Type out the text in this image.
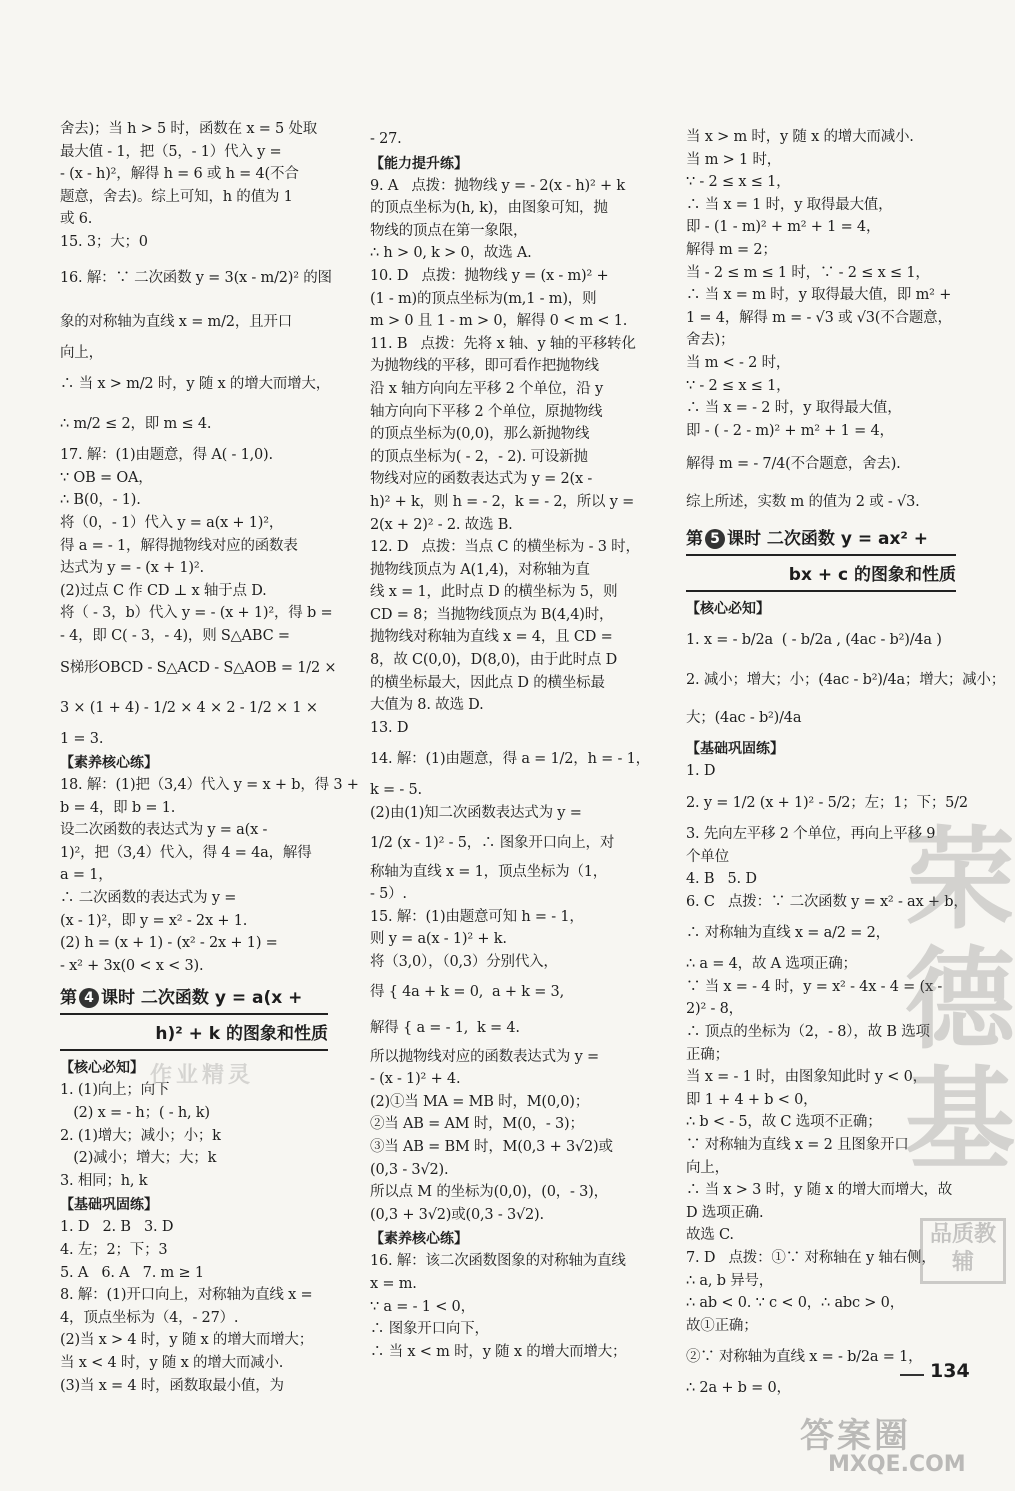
舍去)；当 h > 5 时，函数在 x = 5 处取
最大值 - 1，把（5，- 1）代入 y =
- (x - h)²，解得 h = 6 或 h = 4(不合
题意，舍去)。综上可知，h 的值为 1
或 6.
15. 3；大；0
16. 解：∵ 二次函数 y = 3(x - m/2)² 的图
象的对称轴为直线 x = m/2，且开口
向上，
∴ 当 x > m/2 时，y 随 x 的增大而增大，
∴ m/2 ≤ 2，即 m ≤ 4.
17. 解：(1)由题意，得 A( - 1,0).
∵ OB = OA，
∴ B(0，- 1).
将（0，- 1）代入 y = a(x + 1)²，
得 a = - 1，解得抛物线对应的函数表
达式为 y = - (x + 1)².
(2)过点 C 作 CD ⊥ x 轴于点 D.
将（ - 3，b）代入 y = - (x + 1)²，得 b =
- 4，即 C( - 3，- 4)，则 S△ABC =
S梯形OBCD - S△ACD - S△AOB = 1/2 ×
3 × (1 + 4) - 1/2 × 4 × 2 - 1/2 × 1 ×
1 = 3.
【素养核心练】
18. 解：(1)把（3,4）代入 y = x + b，得 3 +
b = 4，即 b = 1.
设二次函数的表达式为 y = a(x -
1)²，把（3,4）代入，得 4 = 4a，解得
a = 1，
∴ 二次函数的表达式为 y =
(x - 1)²，即 y = x² - 2x + 1.
(2) h = (x + 1) - (x² - 2x + 1) =
- x² + 3x(0 < x < 3).
第 4 课时 二次函数 y = a(x +
h)² + k 的图象和性质
【核心必知】
1. (1)向上；向下
(2) x = - h；( - h, k)
2. (1)增大；减小；小；k
(2)减小；增大；大；k
3. 相同；h, k
【基础巩固练】
1. D   2. B   3. D
4. 左；2；下；3
5. A   6. A   7. m ≥ 1
8. 解：(1)开口向上，对称轴为直线 x =
4，顶点坐标为（4，- 27）.
(2)当 x > 4 时，y 随 x 的增大而增大；
当 x < 4 时，y 随 x 的增大而减小.
(3)当 x = 4 时，函数取最小值，为
- 27.
【能力提升练】
9. A   点拨：抛物线 y = - 2(x - h)² + k
的顶点坐标为(h, k)，由图象可知，抛
物线的顶点在第一象限，
∴ h > 0, k > 0，故选 A.
10. D   点拨：抛物线 y = (x - m)² +
(1 - m)的顶点坐标为(m,1 - m)，则
m > 0 且 1 - m > 0，解得 0 < m < 1.
11. B   点拨：先将 x 轴、y 轴的平移转化
为抛物线的平移，即可看作把抛物线
沿 x 轴方向向左平移 2 个单位，沿 y
轴方向向下平移 2 个单位，原抛物线
的顶点坐标为(0,0)，那么新抛物线
的顶点坐标为( - 2，- 2). 可设新抛
物线对应的函数表达式为 y = 2(x -
h)² + k，则 h = - 2，k = - 2，所以 y =
2(x + 2)² - 2. 故选 B.
12. D   点拨：当点 C 的横坐标为 - 3 时，
抛物线顶点为 A(1,4)，对称轴为直
线 x = 1，此时点 D 的横坐标为 5，则
CD = 8；当抛物线顶点为 B(4,4)时，
抛物线对称轴为直线 x = 4，且 CD =
8，故 C(0,0)，D(8,0)，由于此时点 D
的横坐标最大，因此点 D 的横坐标最
大值为 8. 故选 D.
13. D
14. 解：(1)由题意，得 a = 1/2，h = - 1，
k = - 5.
(2)由(1)知二次函数表达式为 y =
1/2 (x - 1)² - 5，∴ 图象开口向上，对
称轴为直线 x = 1，顶点坐标为（1，
- 5）.
15. 解：(1)由题意可知 h = - 1，
则 y = a(x - 1)² + k.
将（3,0），（0,3）分别代入，
得 { 4a + k = 0,  a + k = 3,
解得 { a = - 1,  k = 4.
所以抛物线对应的函数表达式为 y =
- (x - 1)² + 4.
(2)①当 MA = MB 时，M(0,0)；
②当 AB = AM 时，M(0，- 3)；
③当 AB = BM 时，M(0,3 + 3√2)或
(0,3 - 3√2).
所以点 M 的坐标为(0,0)，(0，- 3)，
(0,3 + 3√2)或(0,3 - 3√2).
【素养核心练】
16. 解：该二次函数图象的对称轴为直线
x = m.
∵ a = - 1 < 0，
∴ 图象开口向下，
∴ 当 x < m 时，y 随 x 的增大而增大；
当 x > m 时，y 随 x 的增大而减小.
当 m > 1 时，
∵ - 2 ≤ x ≤ 1，
∴ 当 x = 1 时，y 取得最大值，
即 - (1 - m)² + m² + 1 = 4，
解得 m = 2；
当 - 2 ≤ m ≤ 1 时，∵ - 2 ≤ x ≤ 1，
∴ 当 x = m 时，y 取得最大值，即 m² +
1 = 4，解得 m = - √3 或 √3(不合题意，
舍去)；
当 m < - 2 时，
∵ - 2 ≤ x ≤ 1，
∴ 当 x = - 2 时，y 取得最大值，
即 - ( - 2 - m)² + m² + 1 = 4，
解得 m = - 7/4(不合题意，舍去).
综上所述，实数 m 的值为 2 或 - √3.
第 5 课时 二次函数 y = ax² +
bx + c 的图象和性质
【核心必知】
1. x = - b/2a  ( - b/2a , (4ac - b²)/4a )
2. 减小；增大；小；(4ac - b²)/4a；增大；减小；
大；(4ac - b²)/4a
【基础巩固练】
1. D
2. y = 1/2 (x + 1)² - 5/2；左；1；下；5/2
3. 先向左平移 2 个单位，再向上平移 9
个单位
4. B   5. D
6. C   点拨：∵ 二次函数 y = x² - ax + b，
∴ 对称轴为直线 x = a/2 = 2，
∴ a = 4，故 A 选项正确；
∵ 当 x = - 4 时，y = x² - 4x - 4 = (x -
2)² - 8，
∴ 顶点的坐标为（2，- 8），故 B 选项
正确；
当 x = - 1 时，由图象知此时 y < 0，
即 1 + 4 + b < 0，
∴ b < - 5，故 C 选项不正确；
∵ 对称轴为直线 x = 2 且图象开口
向上，
∴ 当 x > 3 时，y 随 x 的增大而增大，故
D 选项正确.
故选 C.
7. D   点拨：①∵ 对称轴在 y 轴右侧，
∴ a, b 异号，
∴ ab < 0. ∵ c < 0，∴ abc > 0，
故①正确；
②∵ 对称轴为直线 x = - b/2a = 1，
∴ 2a + b = 0，
作业精灵
荣德基
品质教辅
134
答案圈
MXQE.COM
